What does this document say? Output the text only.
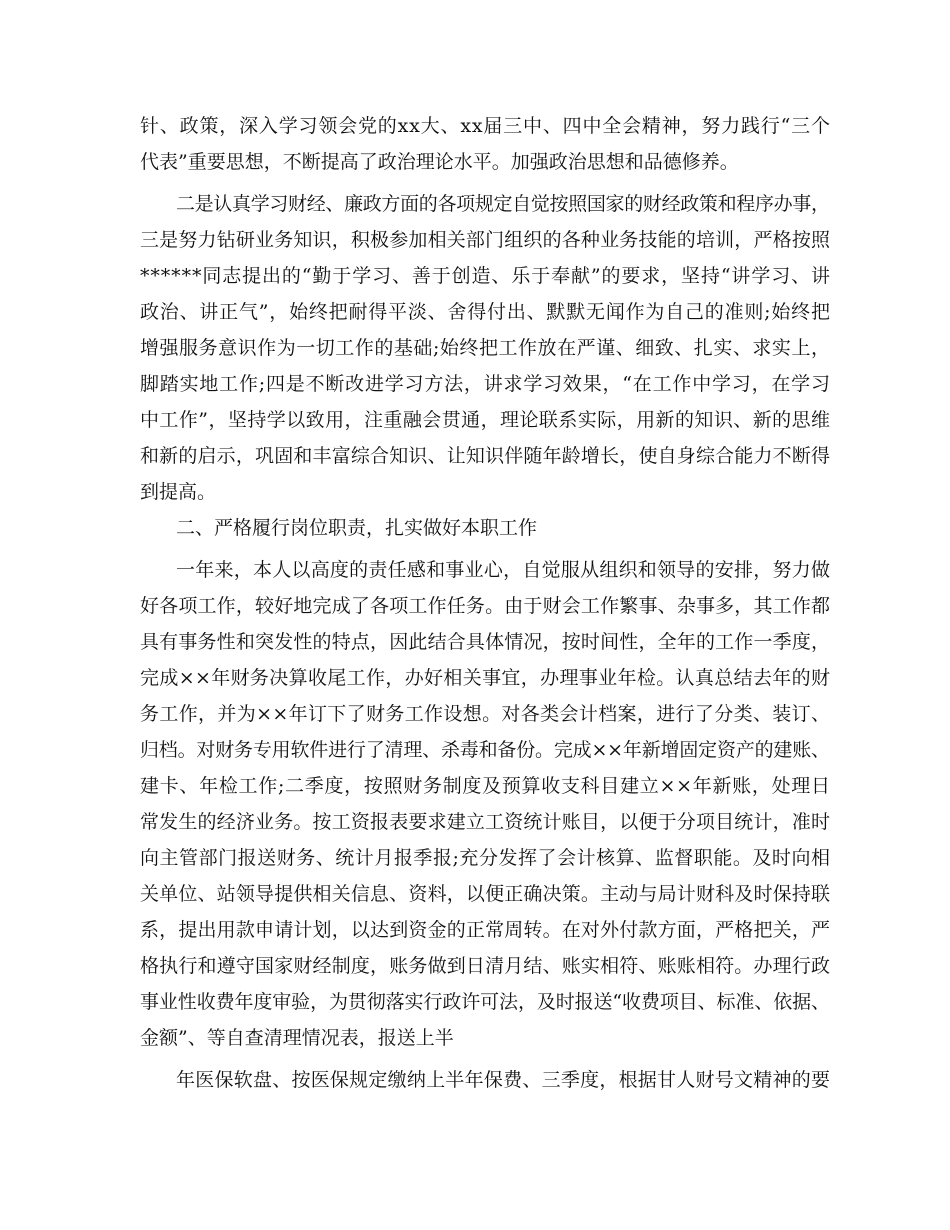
针、政策，深入学习领会党的xx大、xx届三中、四中全会精神，努力践行“三个
代表”重要思想，不断提高了政治理论水平。加强政治思想和品德修养。
二是认真学习财经、廉政方面的各项规定自觉按照国家的财经政策和程序办事，
三是努力钻研业务知识，积极参加相关部门组织的各种业务技能的培训，严格按照
******同志提出的“勤于学习、善于创造、乐于奉献”的要求，坚持“讲学习、讲
政治、讲正气”，始终把耐得平淡、舍得付出、默默无闻作为自己的准则;始终把
增强服务意识作为一切工作的基础;始终把工作放在严谨、细致、扎实、求实上，
脚踏实地工作;四是不断改进学习方法，讲求学习效果，“在工作中学习，在学习
中工作”，坚持学以致用，注重融会贯通，理论联系实际，用新的知识、新的思维
和新的启示，巩固和丰富综合知识、让知识伴随年龄增长，使自身综合能力不断得
到提高。
二、严格履行岗位职责，扎实做好本职工作
一年来，本人以高度的责任感和事业心，自觉服从组织和领导的安排，努力做
好各项工作，较好地完成了各项工作任务。由于财会工作繁事、杂事多，其工作都
具有事务性和突发性的特点，因此结合具体情况，按时间性，全年的工作一季度，
完成××年财务决算收尾工作，办好相关事宜，办理事业年检。认真总结去年的财
务工作，并为××年订下了财务工作设想。对各类会计档案，进行了分类、装订、
归档。对财务专用软件进行了清理、杀毒和备份。完成××年新增固定资产的建账、
建卡、年检工作;二季度，按照财务制度及预算收支科目建立××年新账，处理日
常发生的经济业务。按工资报表要求建立工资统计账目，以便于分项目统计，准时
向主管部门报送财务、统计月报季报;充分发挥了会计核算、监督职能。及时向相
关单位、站领导提供相关信息、资料，以便正确决策。主动与局计财科及时保持联
系，提出用款申请计划，以达到资金的正常周转。在对外付款方面，严格把关，严
格执行和遵守国家财经制度，账务做到日清月结、账实相符、账账相符。办理行政
事业性收费年度审验，为贯彻落实行政许可法，及时报送“收费项目、标准、依据、
金额”、等自查清理情况表，报送上半
年医保软盘、按医保规定缴纳上半年保费、三季度，根据甘人财号文精神的要
